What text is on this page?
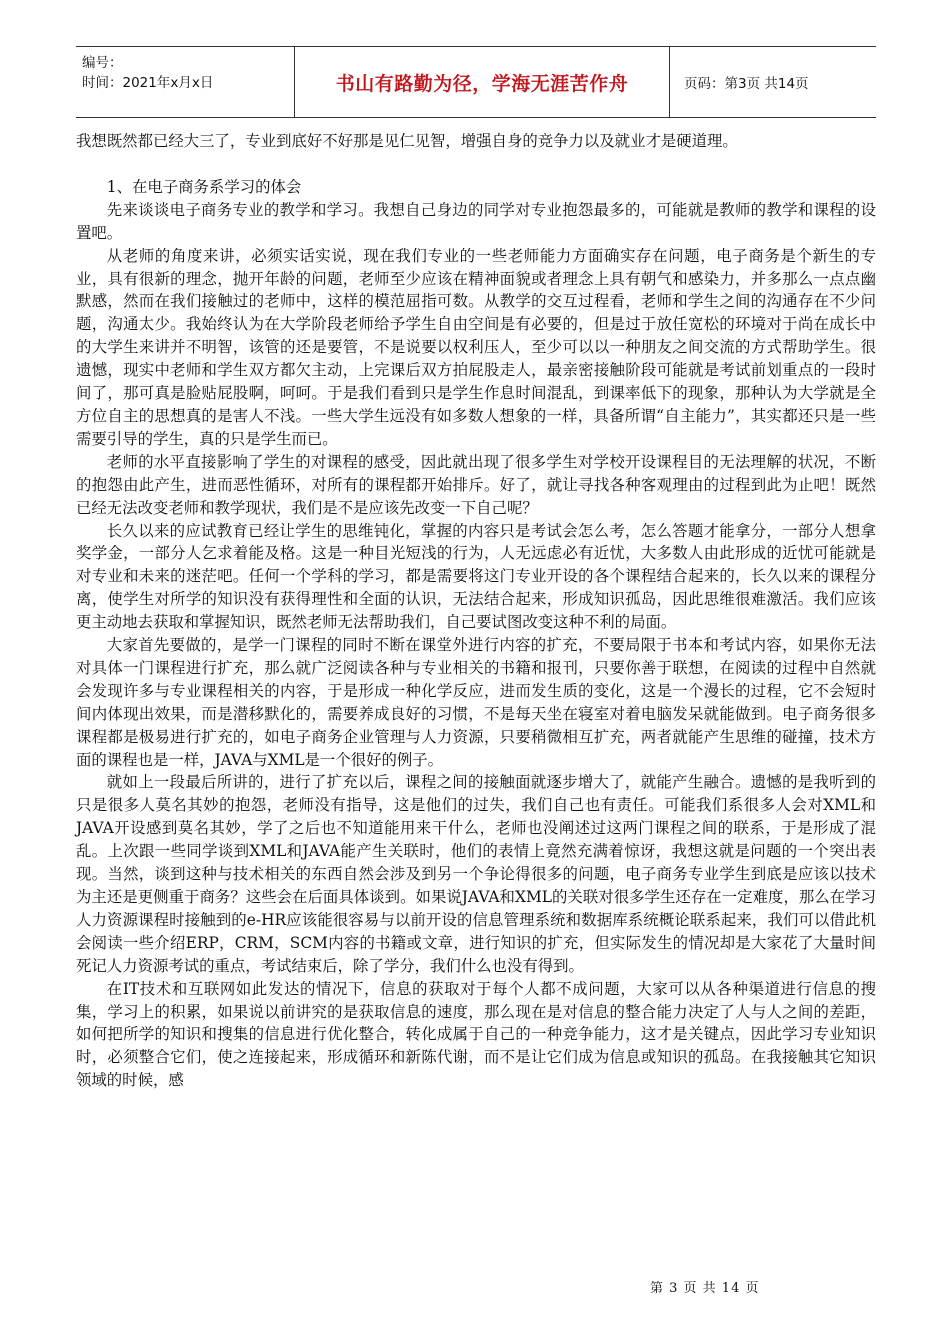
编号：
时间：2021年x月x日	书山有路勤为径，学海无涯苦作舟	页码：第3页 共14页

我想既然都已经大三了，专业到底好不好那是见仁见智，增强自身的竞争力以及就业才是硬道理。

1、在电子商务系学习的体会

先来谈谈电子商务专业的教学和学习。我想自己身边的同学对专业抱怨最多的，可能就是教师的教学和课程的设置吧。

从老师的角度来讲，必须实话实说，现在我们专业的一些老师能力方面确实存在问题，电子商务是个新生的专业，具有很新的理念，抛开年龄的问题，老师至少应该在精神面貌或者理念上具有朝气和感染力，并多那么一点点幽默感，然而在我们接触过的老师中，这样的模范屈指可数。从教学的交互过程看，老师和学生之间的沟通存在不少问题，沟通太少。我始终认为在大学阶段老师给予学生自由空间是有必要的，但是过于放任宽松的环境对于尚在成长中的大学生来讲并不明智，该管的还是要管，不是说要以权利压人，至少可以以一种朋友之间交流的方式帮助学生。很遗憾，现实中老师和学生双方都欠主动，上完课后双方拍屁股走人，最亲密接触阶段可能就是考试前划重点的一段时间了，那可真是脸贴屁股啊，呵呵。于是我们看到只是学生作息时间混乱，到课率低下的现象，那种认为大学就是全方位自主的思想真的是害人不浅。一些大学生远没有如多数人想象的一样，具备所谓“自主能力”，其实都还只是一些需要引导的学生，真的只是学生而已。

老师的水平直接影响了学生的对课程的感受，因此就出现了很多学生对学校开设课程目的无法理解的状况，不断的抱怨由此产生，进而恶性循环，对所有的课程都开始排斥。好了，就让寻找各种客观理由的过程到此为止吧！既然已经无法改变老师和教学现状，我们是不是应该先改变一下自己呢？

长久以来的应试教育已经让学生的思维钝化，掌握的内容只是考试会怎么考，怎么答题才能拿分，一部分人想拿奖学金，一部分人乞求着能及格。这是一种目光短浅的行为，人无远虑必有近忧，大多数人由此形成的近忧可能就是对专业和未来的迷茫吧。任何一个学科的学习，都是需要将这门专业开设的各个课程结合起来的，长久以来的课程分离，使学生对所学的知识没有获得理性和全面的认识，无法结合起来，形成知识孤岛，因此思维很难激活。我们应该更主动地去获取和掌握知识，既然老师无法帮助我们，自己要试图改变这种不利的局面。

大家首先要做的，是学一门课程的同时不断在课堂外进行内容的扩充，不要局限于书本和考试内容，如果你无法对具体一门课程进行扩充，那么就广泛阅读各种与专业相关的书籍和报刊，只要你善于联想，在阅读的过程中自然就会发现许多与专业课程相关的内容，于是形成一种化学反应，进而发生质的变化，这是一个漫长的过程，它不会短时间内体现出效果，而是潜移默化的，需要养成良好的习惯，不是每天坐在寝室对着电脑发呆就能做到。电子商务很多课程都是极易进行扩充的，如电子商务企业管理与人力资源，只要稍微相互扩充，两者就能产生思维的碰撞，技术方面的课程也是一样，JAVA与XML是一个很好的例子。

就如上一段最后所讲的，进行了扩充以后，课程之间的接触面就逐步增大了，就能产生融合。遗憾的是我听到的只是很多人莫名其妙的抱怨，老师没有指导，这是他们的过失，我们自己也有责任。可能我们系很多人会对XML和JAVA开设感到莫名其妙，学了之后也不知道能用来干什么，老师也没阐述过这两门课程之间的联系，于是形成了混乱。上次跟一些同学谈到XML和JAVA能产生关联时，他们的表情上竟然充满着惊讶，我想这就是问题的一个突出表现。当然，谈到这种与技术相关的东西自然会涉及到另一个争论得很多的问题，电子商务专业学生到底是应该以技术为主还是更侧重于商务？这些会在后面具体谈到。如果说JAVA和XML的关联对很多学生还存在一定难度，那么在学习人力资源课程时接触到的e-HR应该能很容易与以前开设的信息管理系统和数据库系统概论联系起来，我们可以借此机会阅读一些介绍ERP，CRM，SCM内容的书籍或文章，进行知识的扩充，但实际发生的情况却是大家花了大量时间死记人力资源考试的重点，考试结束后，除了学分，我们什么也没有得到。

在IT技术和互联网如此发达的情况下，信息的获取对于每个人都不成问题，大家可以从各种渠道进行信息的搜集，学习上的积累，如果说以前讲究的是获取信息的速度，那么现在是对信息的整合能力决定了人与人之间的差距，如何把所学的知识和搜集的信息进行优化整合，转化成属于自己的一种竞争能力，这才是关键点，因此学习专业知识时，必须整合它们，使之连接起来，形成循环和新陈代谢，而不是让它们成为信息或知识的孤岛。在我接触其它知识领域的时候，感

第 3 页 共 14 页
